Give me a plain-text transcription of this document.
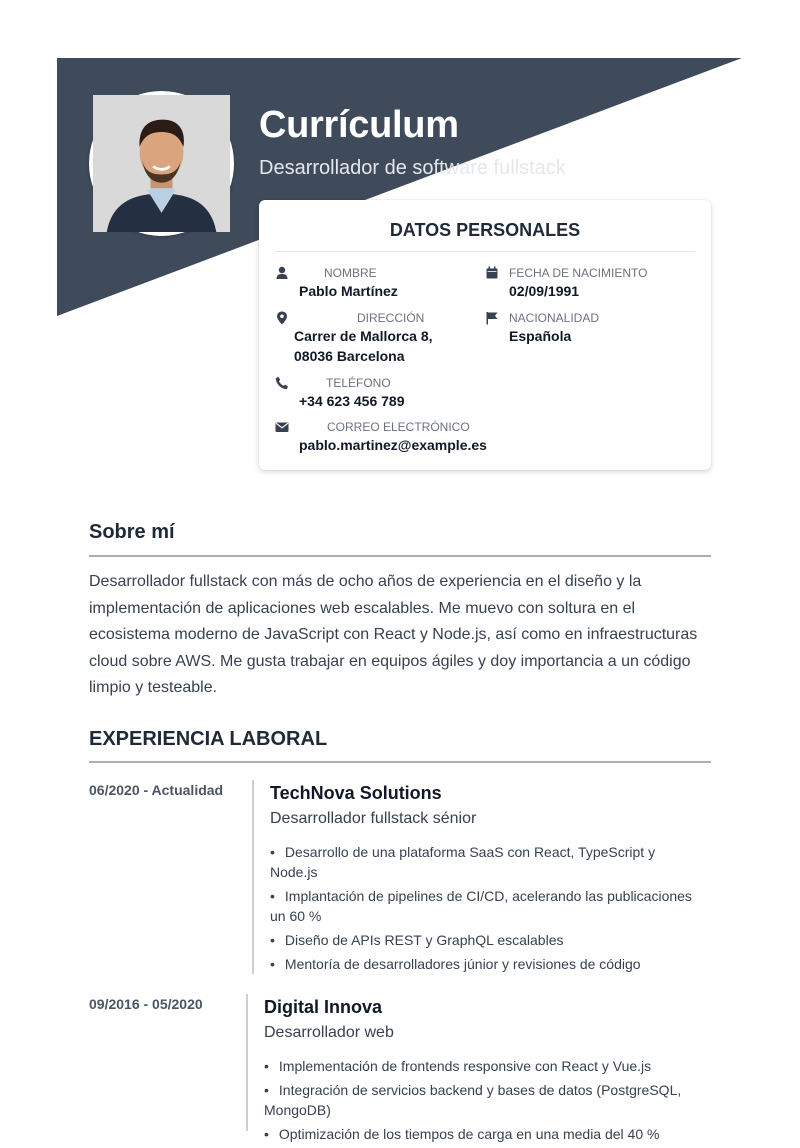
Currículum
Desarrollador de software fullstack
DATOS PERSONALES
NOMBRE
Pablo Martínez
FECHA DE NACIMIENTO
02/09/1991
DIRECCIÓN
Carrer de Mallorca 8,
08036 Barcelona
NACIONALIDAD
Española
TELÉFONO
+34 623 456 789
CORREO ELECTRÓNICO
pablo.martinez@example.es
Sobre mí
Desarrollador fullstack con más de ocho años de experiencia en el diseño y la implementación de aplicaciones web escalables. Me muevo con soltura en el ecosistema moderno de JavaScript con React y Node.js, así como en infraestructuras cloud sobre AWS. Me gusta trabajar en equipos ágiles y doy importancia a un código limpio y testeable.
EXPERIENCIA LABORAL
06/2020 - Actualidad	TechNova Solutions
Desarrollador fullstack sénior
• Desarrollo de una plataforma SaaS con React, TypeScript y Node.js
• Implantación de pipelines de CI/CD, acelerando las publicaciones un 60 %
• Diseño de APIs REST y GraphQL escalables
• Mentoría de desarrolladores júnior y revisiones de código
09/2016 - 05/2020	Digital Innova
Desarrollador web
• Implementación de frontends responsive con React y Vue.js
• Integración de servicios backend y bases de datos (PostgreSQL, MongoDB)
• Optimización de los tiempos de carga en una media del 40 %
